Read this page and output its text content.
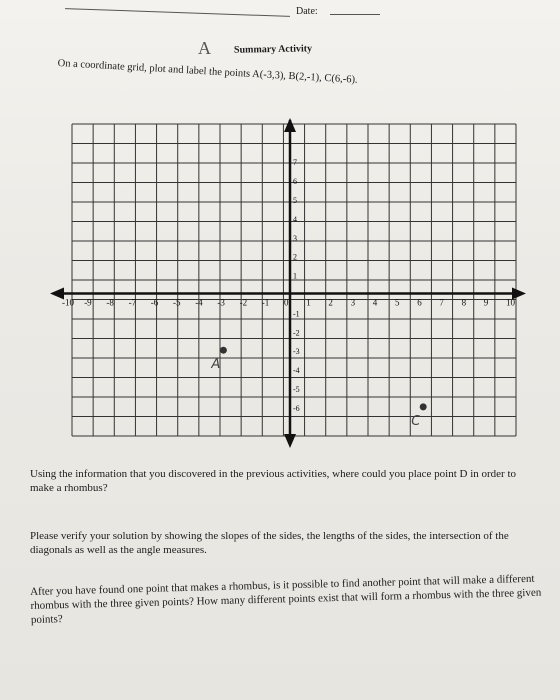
Date:
A Summary Activity
On a coordinate grid, plot and label the points A(-3,3), B(2,-1), C(6,-6).
-10 -9 -8 -7 -6 -5 -4 -3 -2 -1 0 1 2 3 4 5 6 7 8 9 10
7
6
5
4
3
2
1
-1
-2
-3
-4
-5
-6
A
C
Using the information that you discovered in the previous activities, where could you place point D in order to make a rhombus?
Please verify your solution by showing the slopes of the sides, the lengths of the sides, the intersection of the diagonals as well as the angle measures.
After you have found one point that makes a rhombus, is it possible to find another point that will make a different rhombus with the three given points? How many different points exist that will form a rhombus with the three given points?
